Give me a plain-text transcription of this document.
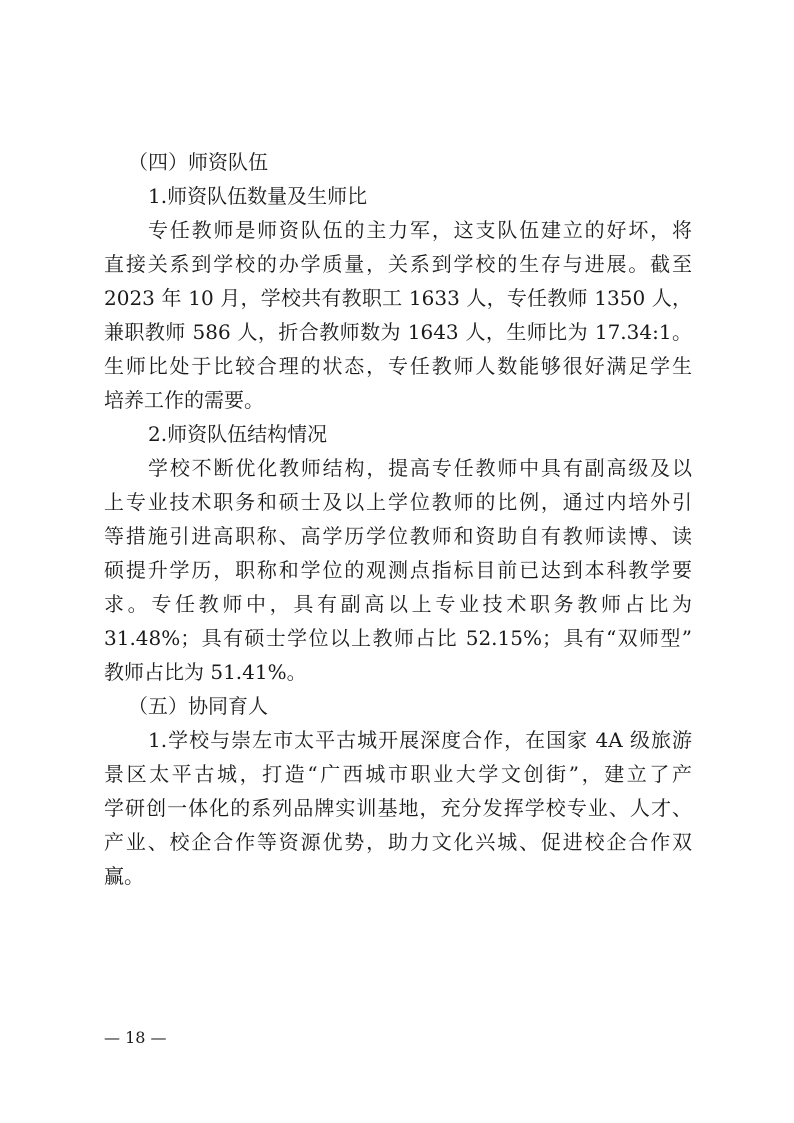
（四）师资队伍
1.师资队伍数量及生师比
专任教师是师资队伍的主力军，这支队伍建立的好坏，将
直接关系到学校的办学质量，关系到学校的生存与进展。截至
2023 年 10 月，学校共有教职工 1633 人，专任教师 1350 人，
兼职教师 586 人，折合教师数为 1643 人，生师比为 17.34:1。
生师比处于比较合理的状态，专任教师人数能够很好满足学生
培养工作的需要。
2.师资队伍结构情况
学校不断优化教师结构，提高专任教师中具有副高级及以
上专业技术职务和硕士及以上学位教师的比例，通过内培外引
等措施引进高职称、高学历学位教师和资助自有教师读博、读
硕提升学历，职称和学位的观测点指标目前已达到本科教学要
求。专任教师中，具有副高以上专业技术职务教师占比为
31.48%；具有硕士学位以上教师占比 52.15%；具有“双师型”
教师占比为 51.41%。
（五）协同育人
1.学校与崇左市太平古城开展深度合作，在国家 4A 级旅游
景区太平古城，打造“广西城市职业大学文创街”，建立了产
学研创一体化的系列品牌实训基地，充分发挥学校专业、人才、
产业、校企合作等资源优势，助力文化兴城、促进校企合作双
赢。
— 18 —
